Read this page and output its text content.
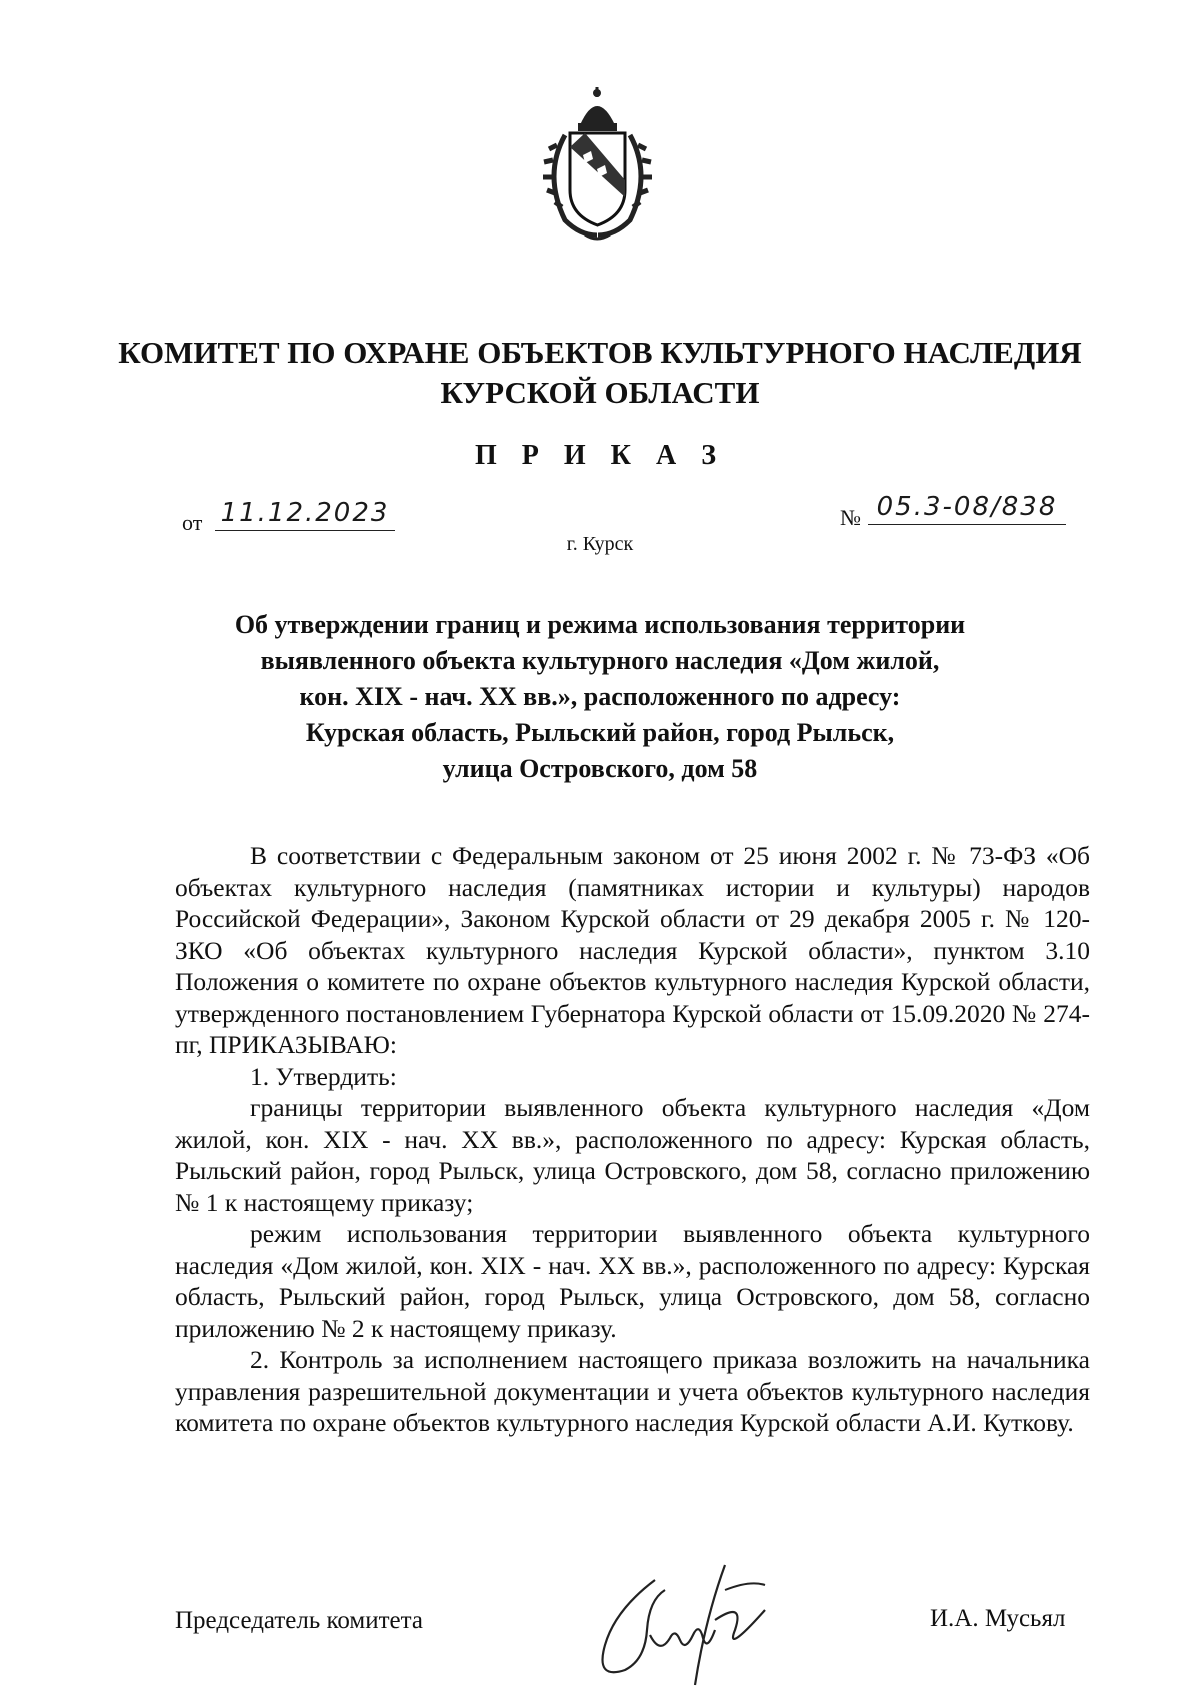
КОМИТЕТ ПО ОХРАНЕ ОБЪЕКТОВ КУЛЬТУРНОГО НАСЛЕДИЯ
КУРСКОЙ ОБЛАСТИ
П Р И К А З
от 11.12.2023	№ 05.3-08/838
г. Курск
Об утверждении границ и режима использования территории
выявленного объекта культурного наследия «Дом жилой,
кон. XIX - нач. XX вв.», расположенного по адресу:
Курская область, Рыльский район, город Рыльск,
улица Островского, дом 58

В соответствии с Федеральным законом от 25 июня 2002 г. № 73-ФЗ «Об объектах культурного наследия (памятниках истории и культуры) народов Российской Федерации», Законом Курской области от 29 декабря 2005 г. № 120-ЗКО «Об объектах культурного наследия Курской области», пунктом 3.10 Положения о комитете по охране объектов культурного наследия Курской области, утвержденного постановлением Губернатора Курской области от 15.09.2020 № 274-пг, ПРИКАЗЫВАЮ:

1. Утвердить:

границы территории выявленного объекта культурного наследия «Дом жилой, кон. XIX - нач. XX вв.», расположенного по адресу: Курская область, Рыльский район, город Рыльск, улица Островского, дом 58, согласно приложению № 1 к настоящему приказу;

режим использования территории выявленного объекта культурного наследия «Дом жилой, кон. XIX - нач. XX вв.», расположенного по адресу: Курская область, Рыльский район, город Рыльск, улица Островского, дом 58, согласно приложению № 2 к настоящему приказу.

2. Контроль за исполнением настоящего приказа возложить на начальника управления разрешительной документации и учета объектов культурного наследия комитета по охране объектов культурного наследия Курской области А.И. Куткову.

Председатель комитета	И.А. Мусьял
